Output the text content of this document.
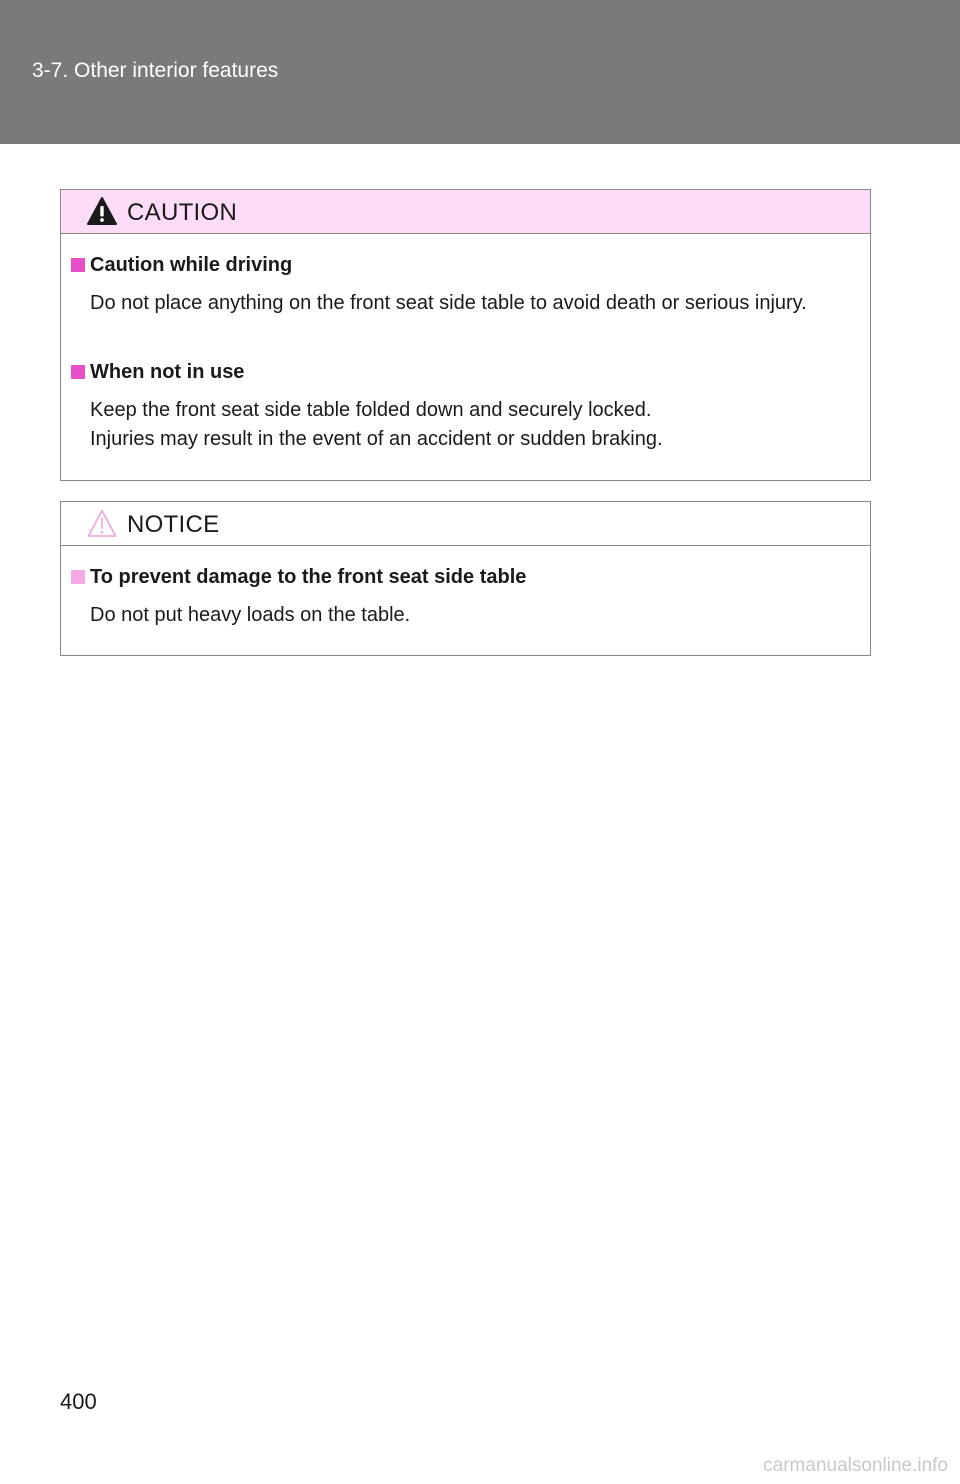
3-7. Other interior features
CAUTION
Caution while driving
Do not place anything on the front seat side table to avoid death or serious injury.
When not in use
Keep the front seat side table folded down and securely locked.
Injuries may result in the event of an accident or sudden braking.
NOTICE
To prevent damage to the front seat side table
Do not put heavy loads on the table.
400
carmanualsonline.info
